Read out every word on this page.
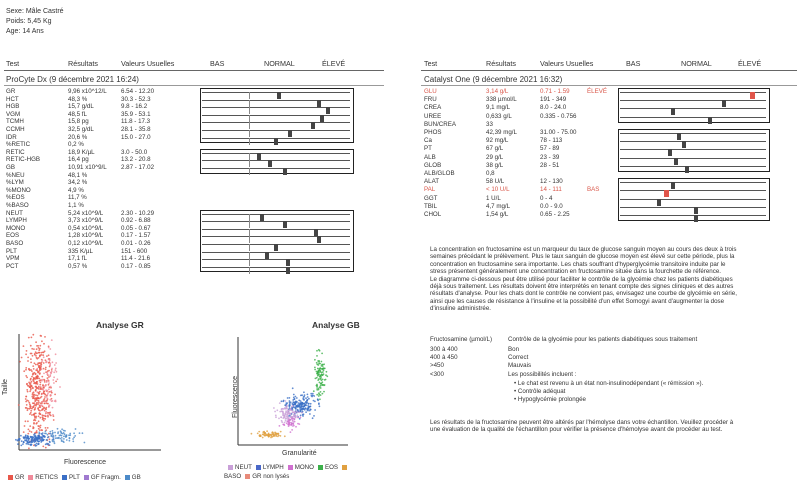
Sexe: Mâle Castré
Poids: 5,45 Kg
Age: 14 Ans
Test	Résultats	Valeurs Usuelles	BAS	NORMAL	ÉLEVÉ
ProCyte Dx (9 décembre 2021 16:24)
GR	9,96 x10^12/L 6.54 - 12.20
HCT	48,3 %	30.3 - 52.3
HGB	15,7 g/dL	9.8 - 16.2
VGM	48,5 fL	35.9 - 53.1
TCMH	15,8 pg	11.8 - 17.3
CCMH	32,5 g/dL	28.1 - 35.8
IDR	20,6 %	15.0 - 27.0
%RETIC	0,2 %
RETIC	18,9 K/µL	3.0 - 50.0
RETIC-HGB	16,4 pg	13.2 - 20.8
GB	10,91 x10^9/L 2.87 - 17.02
%NEU	48,1 %
%LYM	34,2 %
%MONO	4,9 %
%EOS	11,7 %
%BASO	1,1 %
NEUT	5,24 x10^9/L	2.30 - 10.29
LYMPH	3,73 x10^9/L	0.92 - 6.88
MONO	0,54 x10^9/L	0.05 - 0.67
EOS	1,28 x10^9/L	0.17 - 1.57
BASO	0,12 x10^9/L	0.01 - 0.26
PLT	335 K/µL	151 - 600
VPM	17,1 fL	11.4 - 21.6
PCT	0,57 %	0.17 - 0.85
Analyse GR	Analyse GB
Taille
Fluorescence
GR RETICS PLT GF Fragm. GB
Fluorescence
Granularité
NEUT LYMPH MONO EOSBASO GR non lysés
Test	Résultats	Valeurs Usuelles	BAS	NORMAL	ÉLEVÉ
Catalyst One (9 décembre 2021 16:32)
GLU	3,14 g/L	0.71 - 1.59	ÉLEVÉ
FRU	338 µmol/L	191 - 349
CREA	9,1 mg/L	8.0 - 24.0
UREE	0,633 g/L	0.335 - 0.756
BUN/CREA	33
PHOS	42,39 mg/L	31.00 - 75.00
Ca	92 mg/L	78 - 113
PT	67 g/L	57 - 89
ALB	29 g/L	23 - 39
GLOB	38 g/L	28 - 51
ALB/GLOB	0,8
ALAT	58 U/L	12 - 130
PAL	< 10 U/L	14 - 111	BAS
GGT	1 U/L	0 - 4
TBIL	4,7 mg/L	0.0 - 9.0
CHOL	1,54 g/L	0.65 - 2.25
La concentration en fructosamine est un marqueur du taux de glucose sanguin moyen au cours des deux à trois
semaines précédant le prélèvement. Plus le taux sanguin de glucose moyen est élevé sur cette période, plus la
concentration en fructosamine sera importante. Les chats souffrant d'hyperglycémie transitoire induite par le
stress présentent généralement une concentration en fructosamine située dans la fourchette de référence.
Le diagramme ci-dessous peut être utilisé pour faciliter le contrôle de la glycémie chez les patients diabétiques
déjà sous traitement. Les résultats doivent être interprétés en tenant compte des signes cliniques et des autres
résultats d'analyse. Pour les chats dont le contrôle ne convient pas, envisagez une courbe de glycémie en série,
ainsi que les causes de résistance à l'insuline et la possibilité d'un effet Somogyi avant d'augmenter la dose
d'insuline administrée.
Fructosamine (µmol/L)	Contrôle de la glycémie pour les patients diabétiques sous traitement
300 à 400	Bon
400 à 450	Correct
>450	Mauvais
<300	Les possibilités incluent :
• Le chat est revenu à un état non-insulinodépendant (« rémission »).
• Contrôle adéquat
• Hypoglycémie prolongée
Les résultats de la fructosamine peuvent être altérés par l'hémolyse dans votre échantillon. Veuillez procéder à
une évaluation de la qualité de l'échantillon pour vérifier la présence d'hémolyse avant de procéder au test.
